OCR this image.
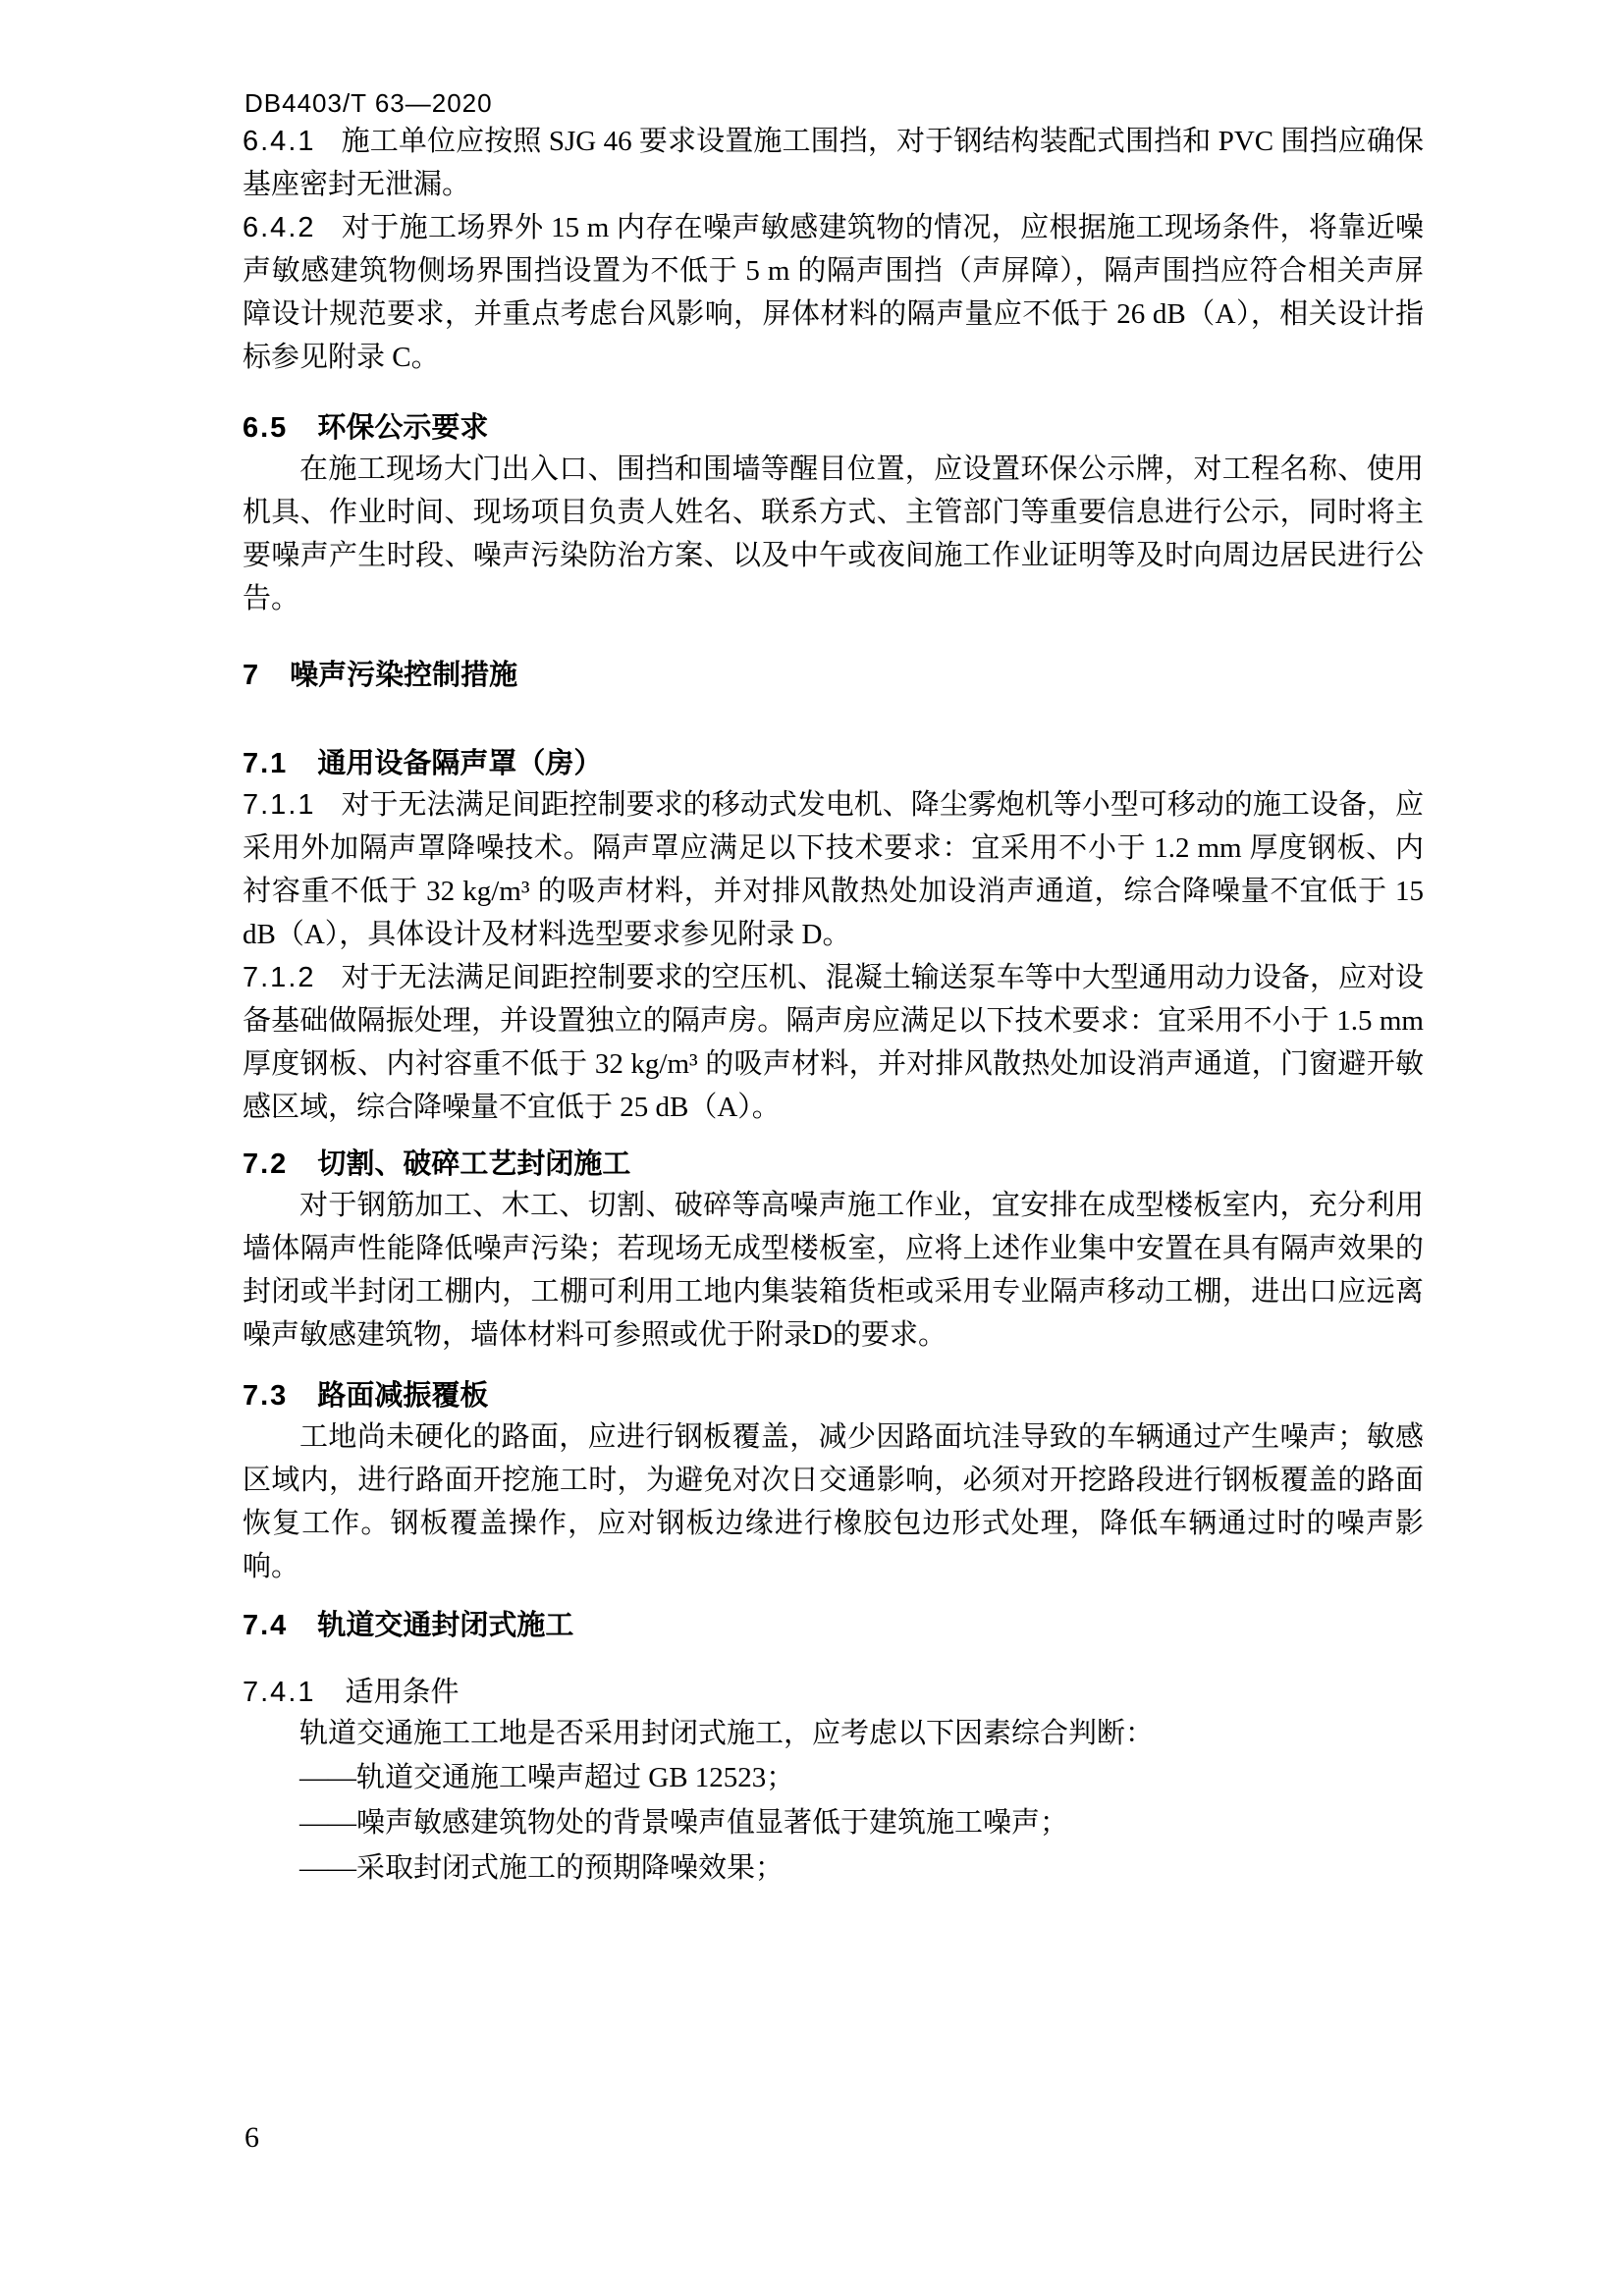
DB4403/T 63—2020

6.4.1 施工单位应按照 SJG 46 要求设置施工围挡，对于钢结构装配式围挡和 PVC 围挡应确保基座密封无泄漏。

6.4.2 对于施工场界外 15 m 内存在噪声敏感建筑物的情况，应根据施工现场条件，将靠近噪声敏感建筑物侧场界围挡设置为不低于 5 m 的隔声围挡（声屏障），隔声围挡应符合相关声屏障设计规范要求，并重点考虑台风影响，屏体材料的隔声量应不低于 26 dB（A），相关设计指标参见附录 C。

6.5 环保公示要求

在施工现场大门出入口、围挡和围墙等醒目位置，应设置环保公示牌，对工程名称、使用机具、作业时间、现场项目负责人姓名、联系方式、主管部门等重要信息进行公示，同时将主要噪声产生时段、噪声污染防治方案、以及中午或夜间施工作业证明等及时向周边居民进行公告。

7 噪声污染控制措施
7.1 通用设备隔声罩（房）

7.1.1 对于无法满足间距控制要求的移动式发电机、降尘雾炮机等小型可移动的施工设备，应采用外加隔声罩降噪技术。隔声罩应满足以下技术要求：宜采用不小于 1.2 mm 厚度钢板、内衬容重不低于 32 kg/m³ 的吸声材料，并对排风散热处加设消声通道，综合降噪量不宜低于 15 dB（A），具体设计及材料选型要求参见附录 D。

7.1.2 对于无法满足间距控制要求的空压机、混凝土输送泵车等中大型通用动力设备，应对设备基础做隔振处理，并设置独立的隔声房。隔声房应满足以下技术要求：宜采用不小于 1.5 mm 厚度钢板、内衬容重不低于 32 kg/m³ 的吸声材料，并对排风散热处加设消声通道，门窗避开敏感区域，综合降噪量不宜低于 25 dB（A）。

7.2 切割、破碎工艺封闭施工

对于钢筋加工、木工、切割、破碎等高噪声施工作业，宜安排在成型楼板室内，充分利用墙体隔声性能降低噪声污染；若现场无成型楼板室，应将上述作业集中安置在具有隔声效果的封闭或半封闭工棚内，工棚可利用工地内集装箱货柜或采用专业隔声移动工棚，进出口应远离噪声敏感建筑物，墙体材料可参照或优于附录D的要求。

7.3 路面减振覆板

工地尚未硬化的路面，应进行钢板覆盖，减少因路面坑洼导致的车辆通过产生噪声；敏感区域内，进行路面开挖施工时，为避免对次日交通影响，必须对开挖路段进行钢板覆盖的路面恢复工作。钢板覆盖操作，应对钢板边缘进行橡胶包边形式处理，降低车辆通过时的噪声影响。

7.4 轨道交通封闭式施工
7.4.1 适用条件

轨道交通施工工地是否采用封闭式施工，应考虑以下因素综合判断：

——轨道交通施工噪声超过 GB 12523；

——噪声敏感建筑物处的背景噪声值显著低于建筑施工噪声；

——采取封闭式施工的预期降噪效果；

6
